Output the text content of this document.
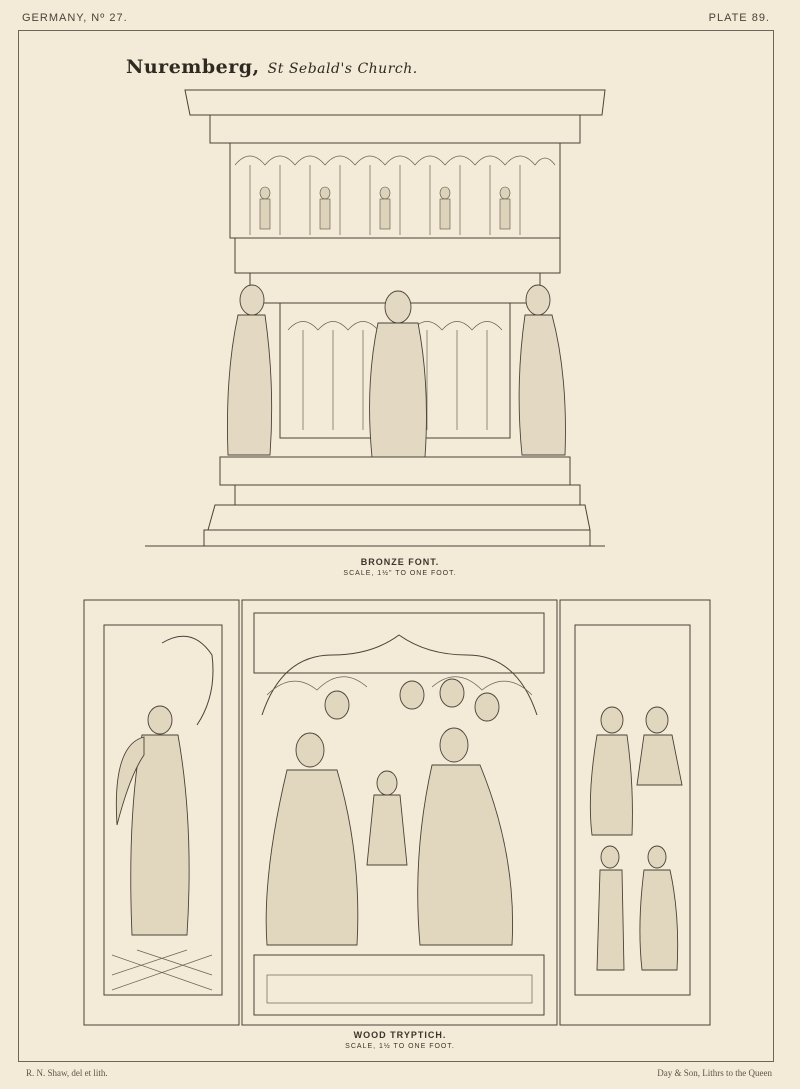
GERMANY, Nº 27.	PLATE 89.
Nuremberg, St Sebald's Church.
BRONZE FONT.
SCALE, 1½" TO ONE FOOT.
WOOD TRYPTICH.
SCALE, 1½ TO ONE FOOT.
R. N. Shaw, del et lith.	Day & Son, Lithrs to the Queen
